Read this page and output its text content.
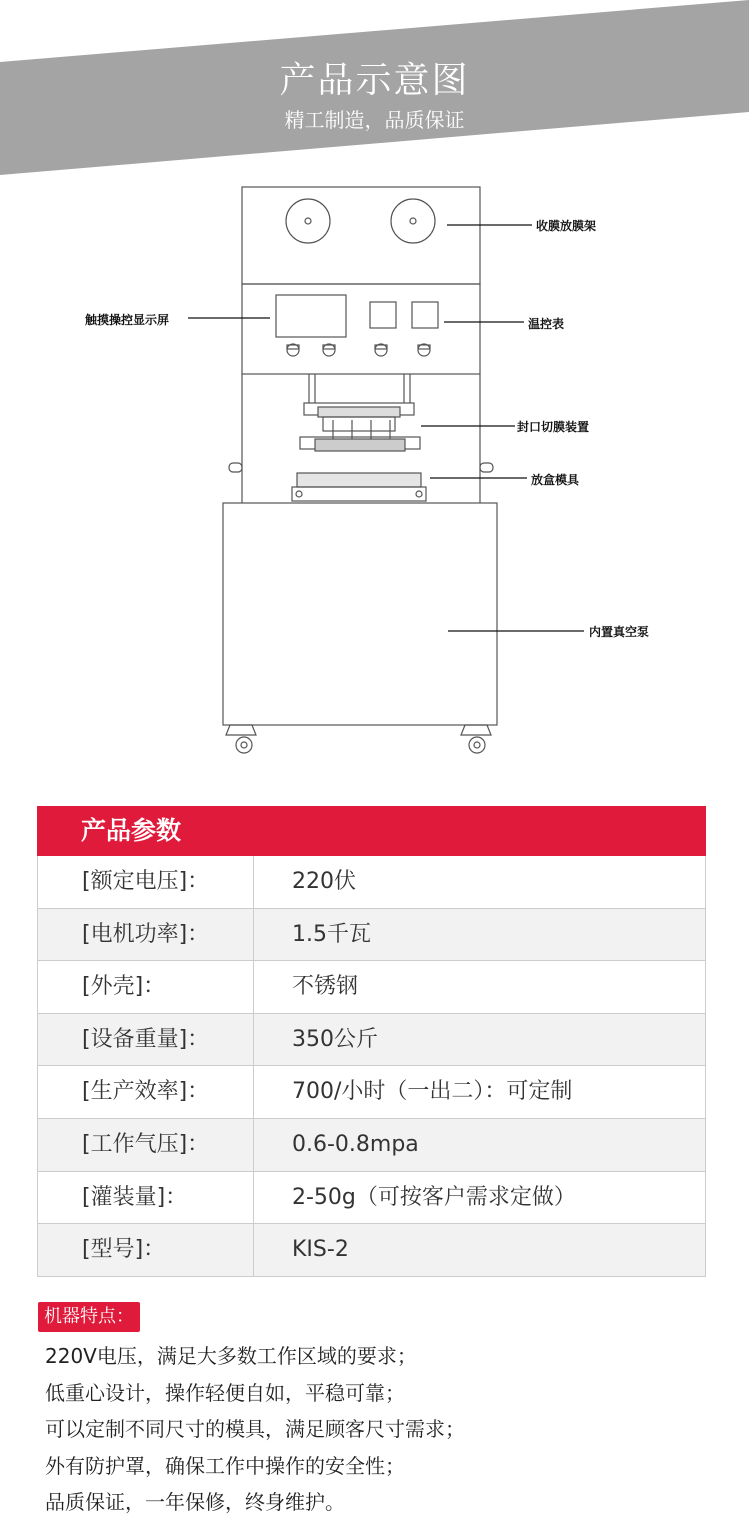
产品示意图
精工制造，品质保证
收膜放膜架
触摸操控显示屏	温控表
封口切膜装置
放盒模具
内置真空泵
产品参数
[额定电压]：	220伏
[电机功率]：	1.5千瓦
[外壳]：	不锈钢
[设备重量]：	350公斤
[生产效率]：	700/小时（一出二）：可定制
[工作气压]：	0.6-0.8mpa
[灌装量]：	2-50g（可按客户需求定做）
[型号]：	KIS-2
机器特点：
220V电压，满足大多数工作区域的要求；
低重心设计，操作轻便自如，平稳可靠；
可以定制不同尺寸的模具，满足顾客尺寸需求；
外有防护罩，确保工作中操作的安全性；
品质保证，一年保修，终身维护。
